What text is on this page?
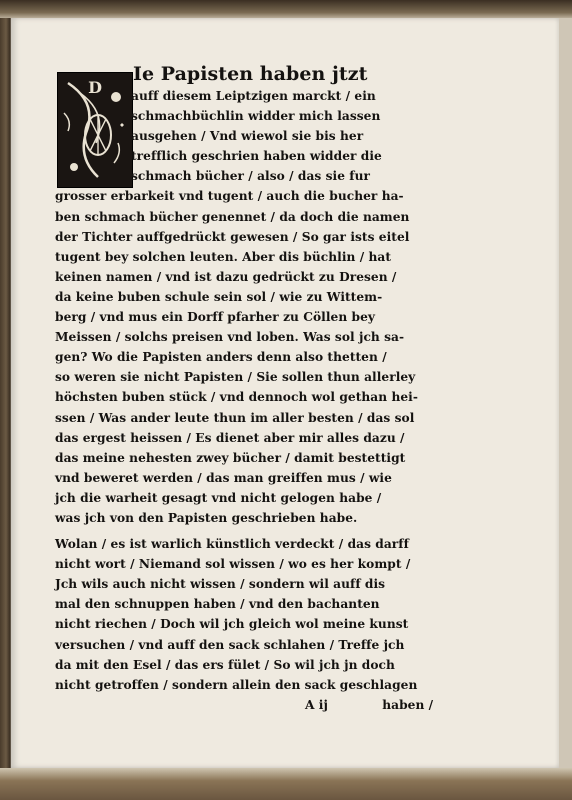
D
Ie Papisten haben jtzt
auff diesem Leiptzigen marckt / ein
schmachbüchlin widder mich lassen
ausgehen / Vnd wiewol sie bis her
trefflich geschrien haben widder die
schmach bücher / also / das sie fur
grosser erbarkeit vnd tugent / auch die bucher ha-
ben schmach bücher genennet / da doch die namen
der Tichter auffgedrückt gewesen / So gar ists eitel
tugent bey solchen leuten. Aber dis büchlin / hat
keinen namen / vnd ist dazu gedrückt zu Dresen /
da keine buben schule sein sol / wie zu Wittem-
berg / vnd mus ein Dorff pfarher zu Cöllen bey
Meissen / solchs preisen vnd loben. Was sol jch sa-
gen? Wo die Papisten anders denn also thetten /
so weren sie nicht Papisten / Sie sollen thun allerley
höchsten buben stück / vnd dennoch wol gethan hei-
ssen / Was ander leute thun im aller besten / das sol
das ergest heissen / Es dienet aber mir alles dazu /
das meine nehesten zwey bücher / damit bestettigt
vnd beweret werden / das man greiffen mus / wie
jch die warheit gesagt vnd nicht gelogen habe /
was jch von den Papisten geschrieben habe.
Wolan / es ist warlich künstlich verdeckt / das darff
nicht wort / Niemand sol wissen / wo es her kompt /
Jch wils auch nicht wissen / sondern wil auff dis
mal den schnuppen haben / vnd den bachanten
nicht riechen / Doch wil jch gleich wol meine kunst
versuchen / vnd auff den sack schlahen / Treffe jch
da mit den Esel / das ers fület / So wil jch jn doch
nicht getroffen / sondern allein den sack geschlagen
A ij	haben /
